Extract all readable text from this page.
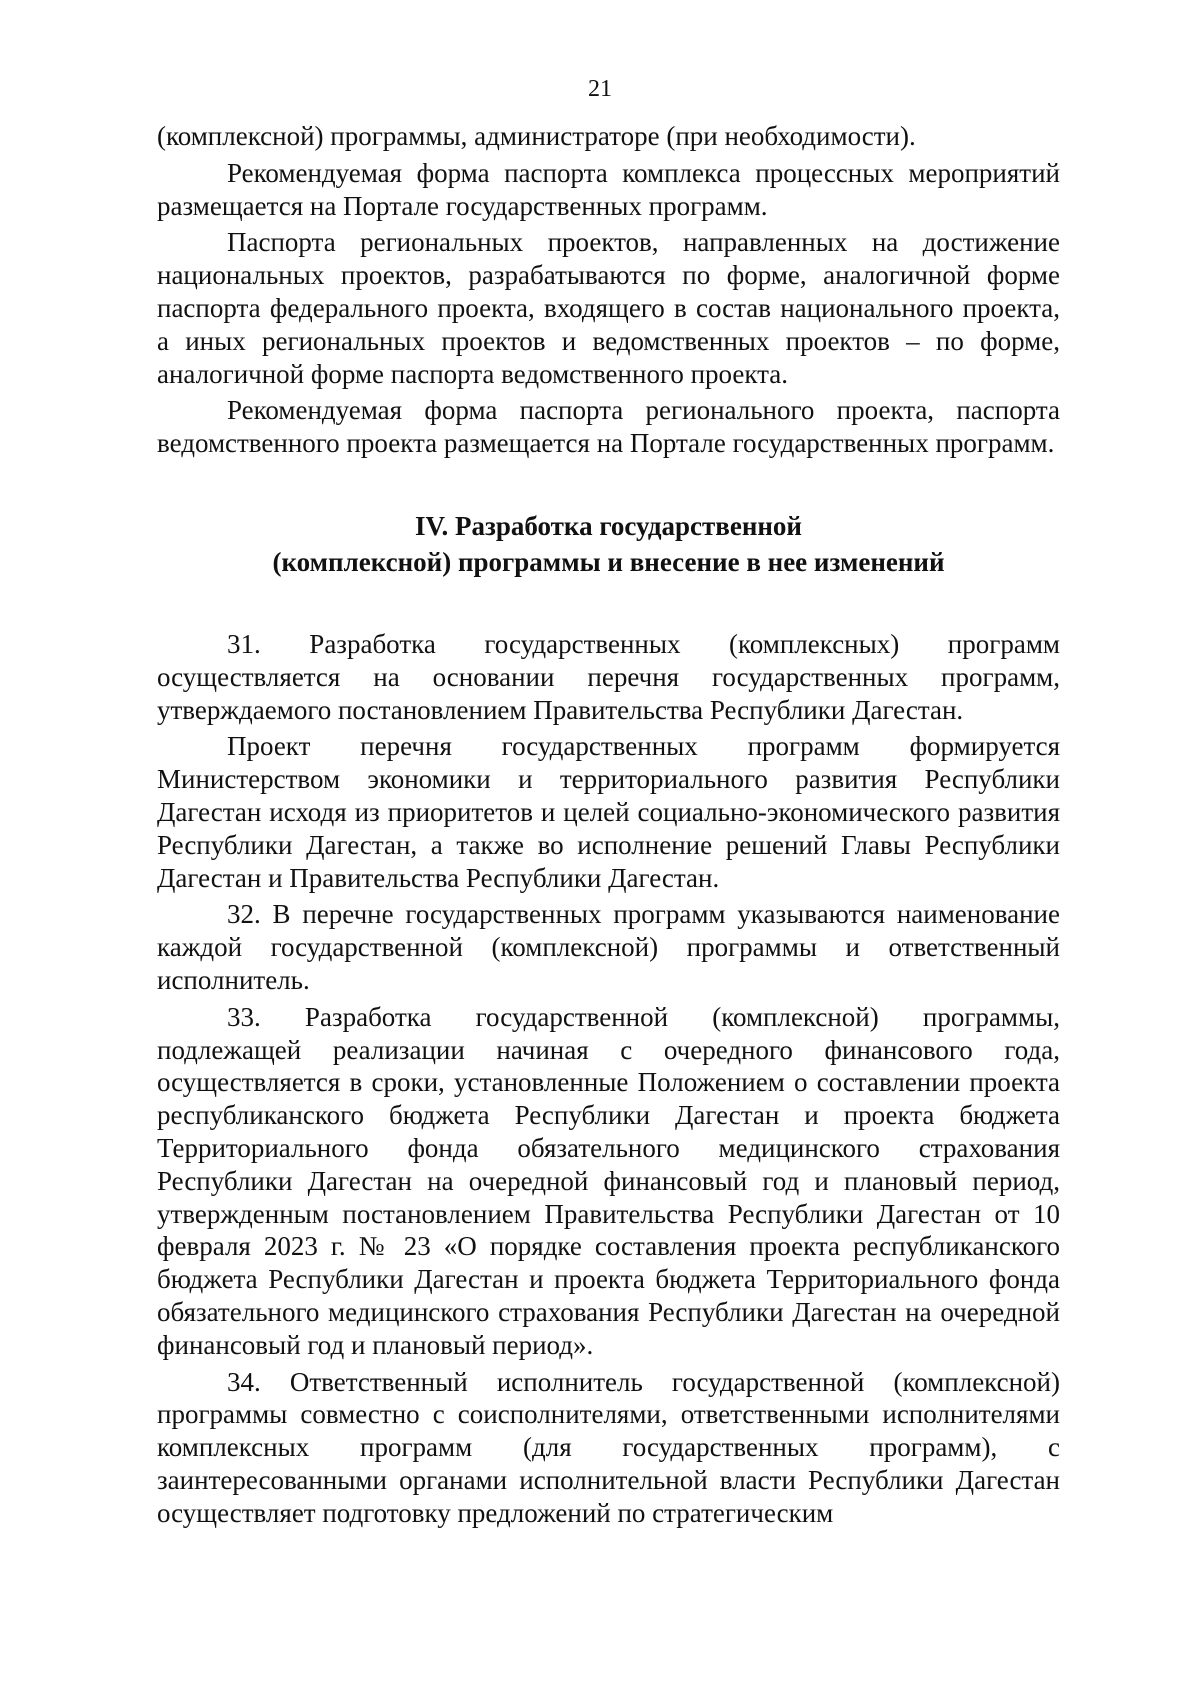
21

(комплексной) программы, администраторе (при необходимости).

Рекомендуемая форма паспорта комплекса процессных мероприятий размещается на Портале государственных программ.

Паспорта региональных проектов, направленных на достижение национальных проектов, разрабатываются по форме, аналогичной форме паспорта федерального проекта, входящего в состав национального проекта, а иных региональных проектов и ведомственных проектов – по форме, аналогичной форме паспорта ведомственного проекта.

Рекомендуемая форма паспорта регионального проекта, паспорта ведомственного проекта размещается на Портале государственных программ.

IV. Разработка государственной
(комплексной) программы и внесение в нее изменений

31. Разработка государственных (комплексных) программ осуществляется на основании перечня государственных программ, утверждаемого постановлением Правительства Республики Дагестан.

Проект перечня государственных программ формируется Министерством экономики и территориального развития Республики Дагестан исходя из приоритетов и целей социально-экономического развития Республики Дагестан, а также во исполнение решений Главы Республики Дагестан и Правительства Республики Дагестан.

32. В перечне государственных программ указываются наименование каждой государственной (комплексной) программы и ответственный исполнитель.

33. Разработка государственной (комплексной) программы, подлежащей реализации начиная с очередного финансового года, осуществляется в сроки, установленные Положением о составлении проекта республиканского бюджета Республики Дагестан и проекта бюджета Территориального фонда обязательного медицинского страхования Республики Дагестан на очередной финансовый год и плановый период, утвержденным постановлением Правительства Республики Дагестан от 10 февраля 2023 г. № 23 «О порядке составления проекта республиканского бюджета Республики Дагестан и проекта бюджета Территориального фонда обязательного медицинского страхования Республики Дагестан на очередной финансовый год и плановый период».

34. Ответственный исполнитель государственной (комплексной) программы совместно с соисполнителями, ответственными исполнителями комплексных программ (для государственных программ), с заинтересованными органами исполнительной власти Республики Дагестан осуществляет подготовку предложений по стратегическим
